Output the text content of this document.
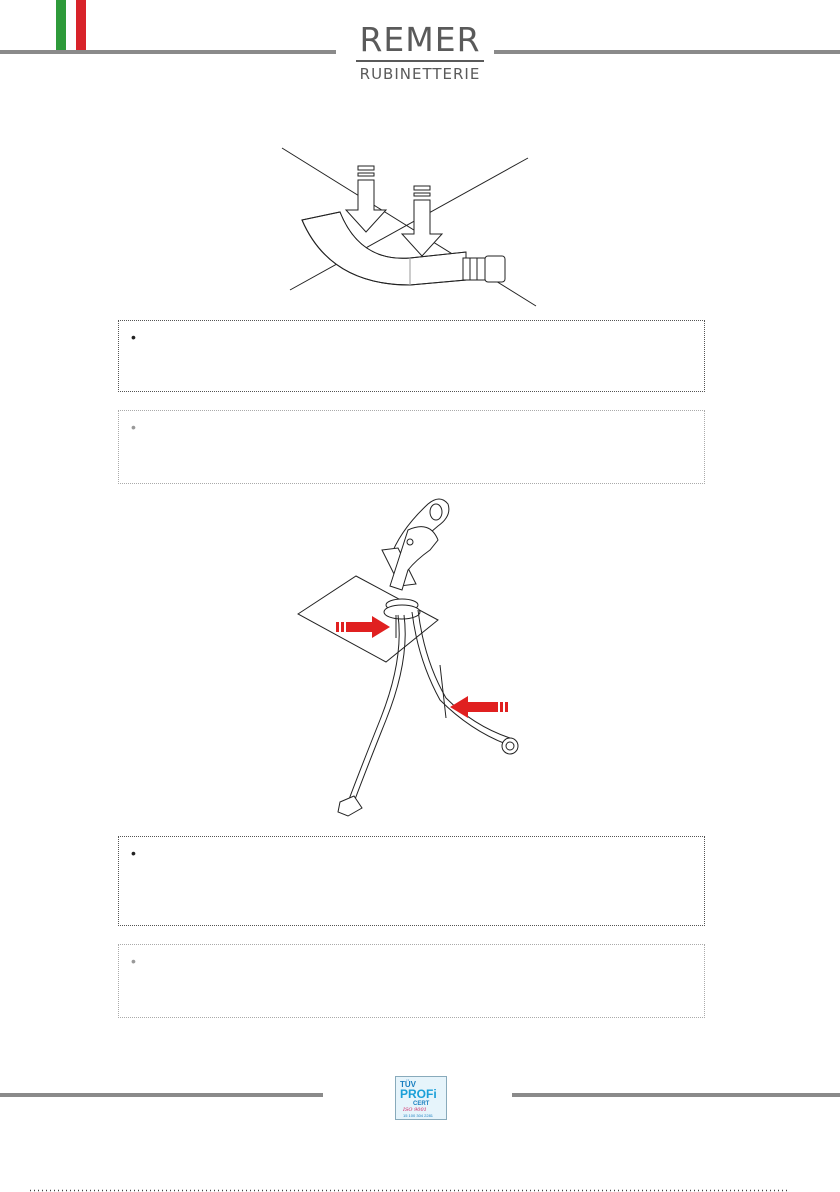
REMER
RUBINETTERIE
•
•
•
•
TÜV
PROFi
CERT
ISO 9001
15 100 304 2281
